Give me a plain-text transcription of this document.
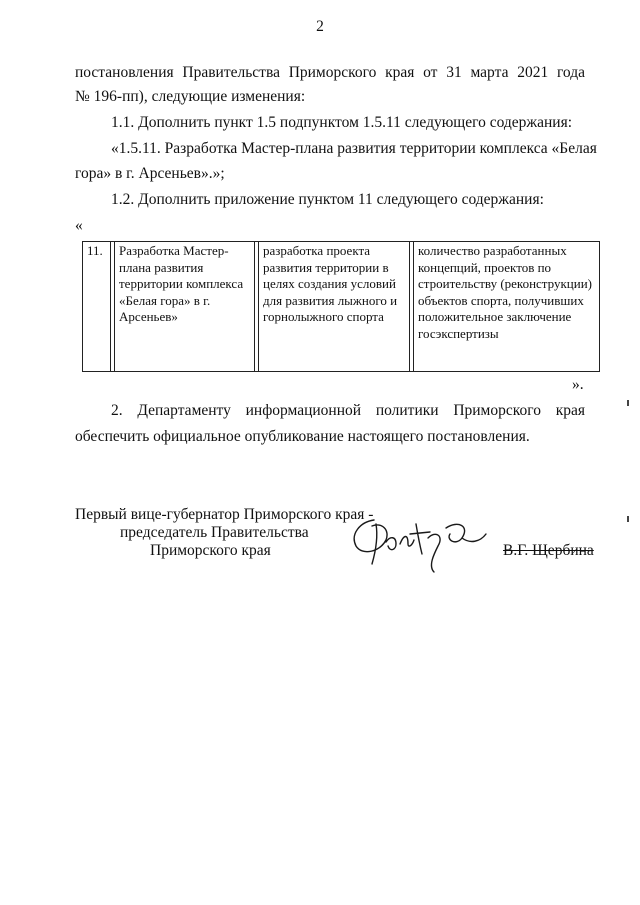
2

постановления Правительства Приморского края от 31 марта 2021 года

№ 196-пп), следующие изменения:

1.1. Дополнить пункт 1.5 подпунктом 1.5.11 следующего содержания:

«1.5.11. Разработка Мастер-плана развития территории комплекса «Белая

гора» в г. Арсеньев».»;

1.2. Дополнить приложение пунктом 11 следующего содержания:

«

11.		Разработка Мастер-плана развития территории комплекса «Белая гора» в г. Арсеньев»		разработка проекта развития территории в целях создания условий для развития лыжного и горнолыжного спорта		количество разработанных концепций, проектов по строительству (реконструкции) объектов спорта, получивших положительное заключение госэкспертизы

».

2. Департаменту информационной политики Приморского края

обеспечить официальное опубликование настоящего постановления.

Первый вице-губернатор Приморского края -

председатель Правительства

Приморского края	В.Г. Щербина
